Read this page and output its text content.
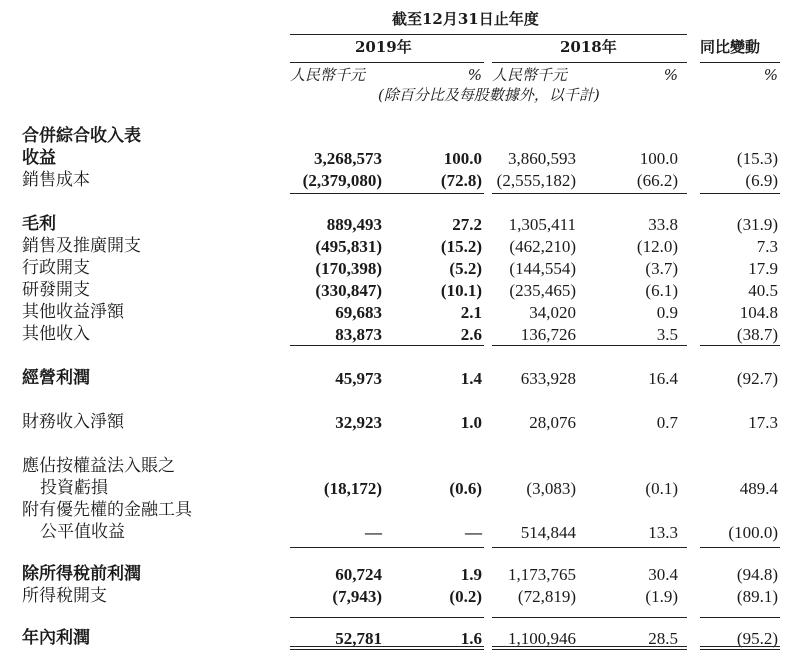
截至12月31日止年度
2019年	2018年	同比變動
人民幣千元	% 人民幣千元	%	%
(除百分比及每股數據外，以千計)
合併綜合收入表
收益	3,268,573	100.0 3,860,593	100.0	(15.3)
銷售成本	(2,379,080)	(72.8) (2,555,182)	(66.2)	(6.9)
毛利	889,493	27.2 1,305,411	33.8	(31.9)
銷售及推廣開支	(495,831)	(15.2) (462,210)	(12.0)	7.3
行政開支	(170,398)	(5.2) (144,554)	(3.7)	17.9
研發開支	(330,847)	(10.1) (235,465)	(6.1)	40.5
其他收益淨額	69,683	2.1	34,020	0.9	104.8
其他收入	83,873	2.6 136,726	3.5	(38.7)
經營利潤	45,973	1.4 633,928	16.4	(92.7)
財務收入淨額	32,923	1.0	28,076	0.7	17.3
應佔按權益法入賬之
投資虧損	(18,172)	(0.6)	(3,083)	(0.1)	489.4
附有優先權的金融工具
公平值收益	—	— 514,844	13.3	(100.0)
除所得稅前利潤	60,724	1.9 1,173,765	30.4	(94.8)
所得稅開支	(7,943)	(0.2) (72,819)	(1.9)	(89.1)
年內利潤	52,781	1.6 1,100,946	28.5	(95.2)
